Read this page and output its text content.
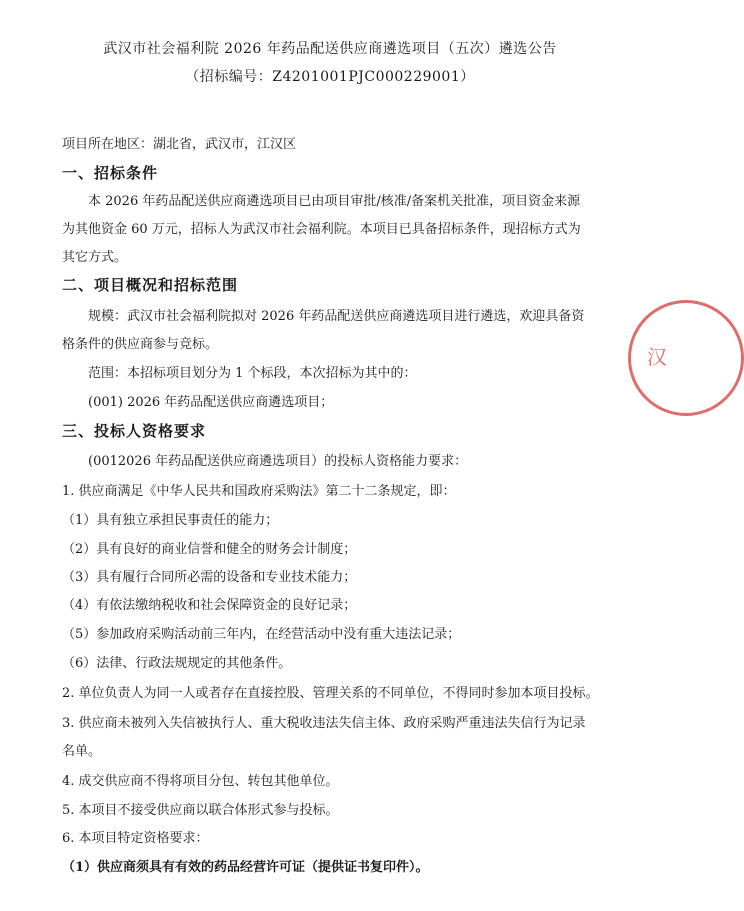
武汉市社会福利院 2026 年药品配送供应商遴选项目（五次）遴选公告
（招标编号：Z4201001PJC000229001）
项目所在地区：湖北省，武汉市，江汉区
一、招标条件
本 2026 年药品配送供应商遴选项目已由项目审批/核准/备案机关批准，项目资金来源
为其他资金 60 万元，招标人为武汉市社会福利院。本项目已具备招标条件，现招标方式为
其它方式。
二、项目概况和招标范围
规模：武汉市社会福利院拟对 2026 年药品配送供应商遴选项目进行遴选，欢迎具备资
格条件的供应商参与竞标。
范围：本招标项目划分为 1 个标段，本次招标为其中的：
(001) 2026 年药品配送供应商遴选项目；
三、投标人资格要求
(0012026 年药品配送供应商遴选项目）的投标人资格能力要求：
1. 供应商满足《中华人民共和国政府采购法》第二十二条规定，即：
（1）具有独立承担民事责任的能力；
（2）具有良好的商业信誉和健全的财务会计制度；
（3）具有履行合同所必需的设备和专业技术能力；
（4）有依法缴纳税收和社会保障资金的良好记录；
（5）参加政府采购活动前三年内，在经营活动中没有重大违法记录；
（6）法律、行政法规规定的其他条件。
2. 单位负责人为同一人或者存在直接控股、管理关系的不同单位，不得同时参加本项目投标。
3. 供应商未被列入失信被执行人、重大税收违法失信主体、政府采购严重违法失信行为记录
名单。
4. 成交供应商不得将项目分包、转包其他单位。
5. 本项目不接受供应商以联合体形式参与投标。
6. 本项目特定资格要求：
（1）供应商须具有有效的药品经营许可证（提供证书复印件）。
汉
